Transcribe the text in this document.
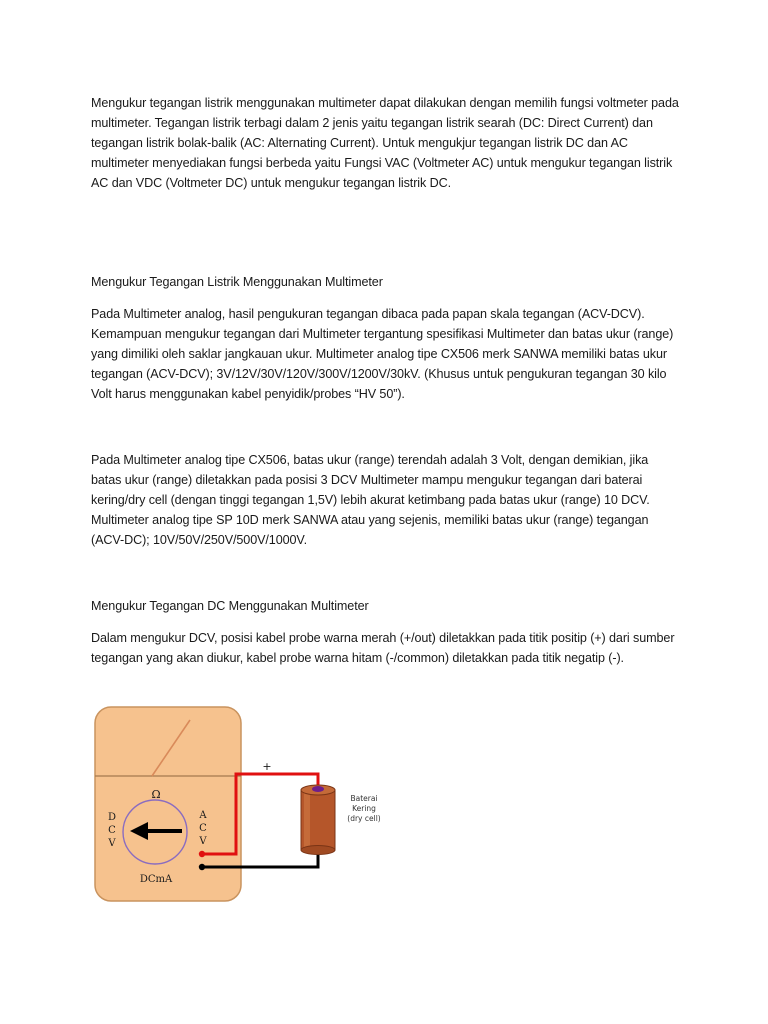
Mengukur tegangan listrik menggunakan multimeter dapat dilakukan dengan memilih fungsi voltmeter pada multimeter. Tegangan listrik terbagi dalam 2 jenis yaitu tegangan listrik searah (DC: Direct Current) dan tegangan listrik bolak-balik (AC: Alternating Current). Untuk mengukjur tegangan listrik DC dan AC multimeter menyediakan fungsi berbeda yaitu Fungsi VAC (Voltmeter AC) untuk mengukur tegangan listrik AC dan VDC (Voltmeter DC) untuk mengukur tegangan listrik DC.

Mengukur Tegangan Listrik Menggunakan Multimeter

Pada Multimeter analog, hasil pengukuran tegangan dibaca pada papan skala tegangan (ACV-DCV). Kemampuan mengukur tegangan dari Multimeter tergantung spesifikasi Multimeter dan batas ukur (range) yang dimiliki oleh saklar jangkauan ukur. Multimeter analog tipe CX506 merk SANWA memiliki batas ukur tegangan (ACV-DCV); 3V/12V/30V/120V/300V/1200V/30kV. (Khusus untuk pengukuran tegangan 30 kilo Volt harus menggunakan kabel penyidik/probes “HV 50”).

Pada Multimeter analog tipe CX506, batas ukur (range) terendah adalah 3 Volt, dengan demikian, jika batas ukur (range) diletakkan pada posisi 3 DCV Multimeter mampu mengukur tegangan dari baterai kering/dry cell (dengan tinggi tegangan 1,5V) lebih akurat ketimbang pada batas ukur (range) 10 DCV. Multimeter analog tipe SP 10D merk SANWA atau yang sejenis, memiliki batas ukur (range) tegangan (ACV-DC); 10V/50V/250V/500V/1000V.

Mengukur Tegangan DC Menggunakan Multimeter

Dalam mengukur DCV, posisi kabel probe warna merah (+/out) diletakkan pada titik positip (+) dari sumber tegangan yang akan diukur, kabel probe warna hitam (-/common) diletakkan pada titik negatip (-).

Ω
D
C
V
A
C
V
DCmA
+
Baterai
Kering
(dry cell)
